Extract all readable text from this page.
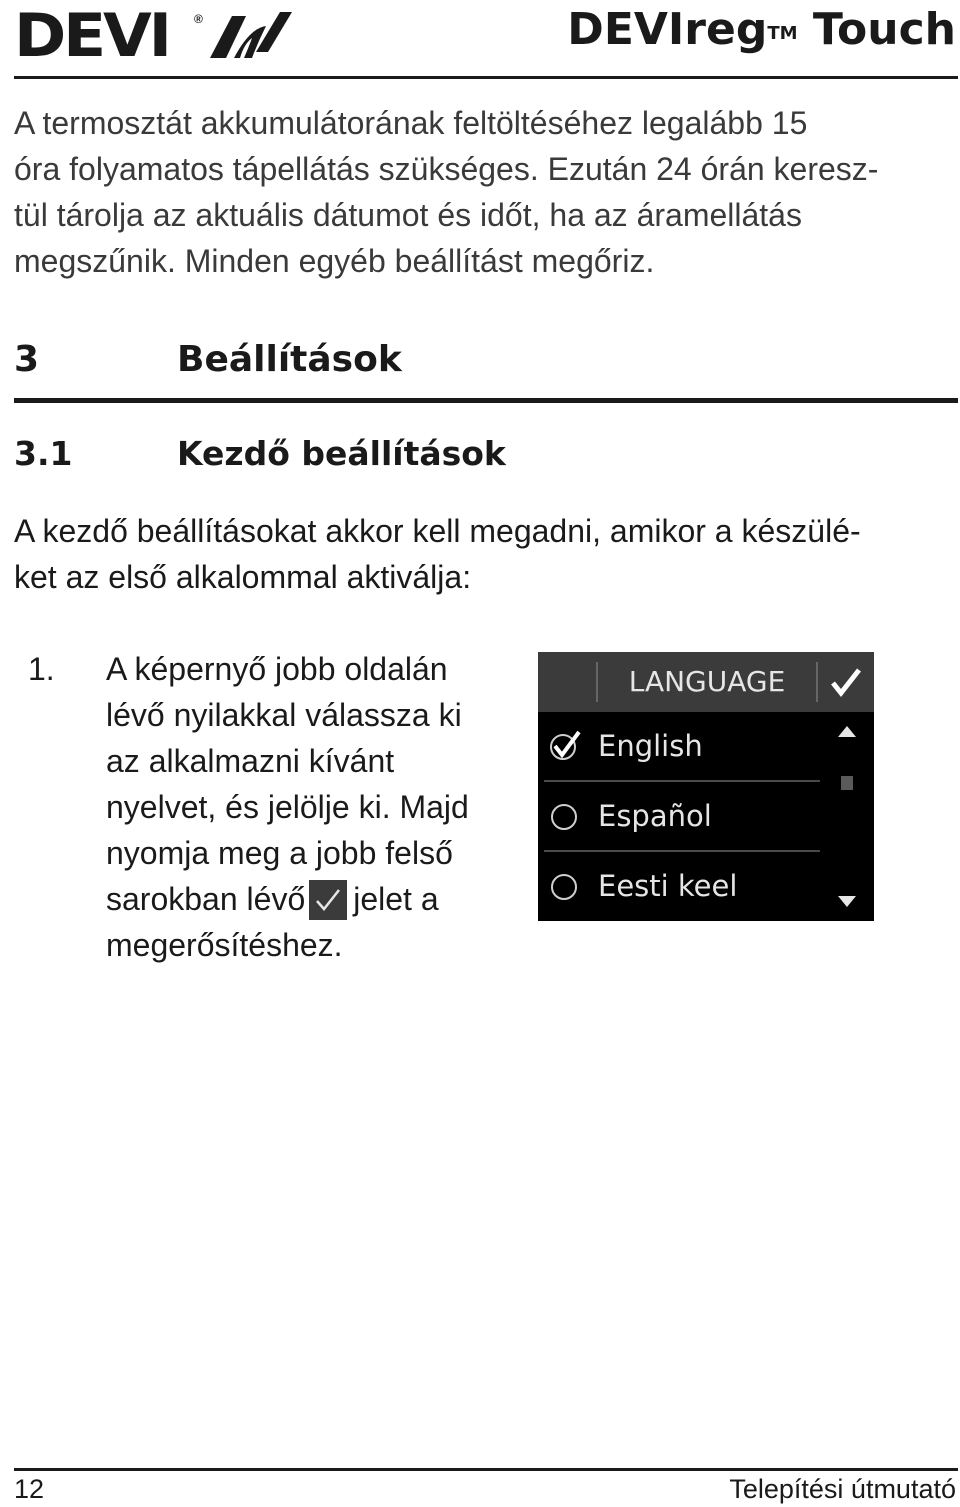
DEVI ®	DEVIreg™ Touch
A termosztát akkumulátorának feltöltéséhez legalább 15
óra folyamatos tápellátás szükséges. Ezután 24 órán keresz-
tül tárolja az aktuális dátumot és időt, ha az áramellátás
megszűnik. Minden egyéb beállítást megőriz.
3	Beállítások
3.1	Kezdő beállítások
A kezdő beállításokat akkor kell megadni, amikor a készülé-
ket az első alkalommal aktiválja:
1. A képernyő jobb oldalán
lévő nyilakkal válassza ki
az alkalmazni kívánt
nyelvet, és jelölje ki. Majd
nyomja meg a jobb felső
sarokban lévő jelet a
megerősítéshez.
LANGUAGE
English
Español
Eesti keel
12	Telepítési útmutató
